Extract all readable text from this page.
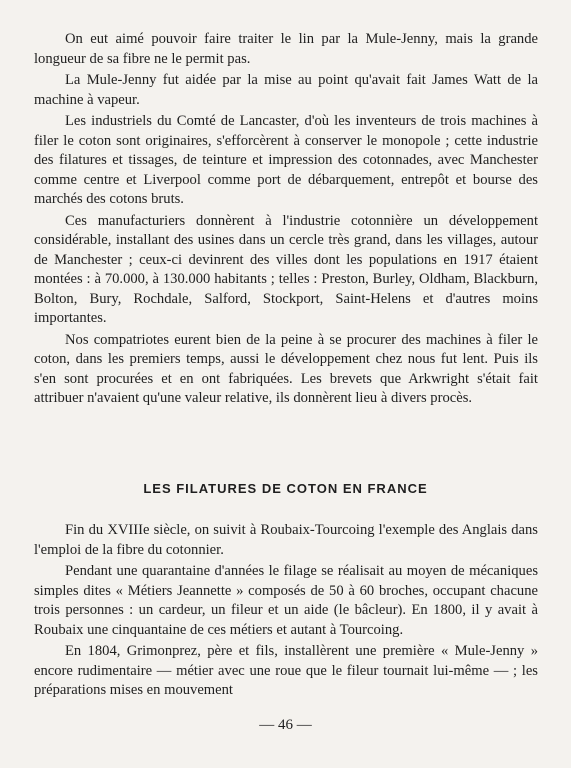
On eut aimé pouvoir faire traiter le lin par la Mule-Jenny, mais la grande longueur de sa fibre ne le permit pas.

La Mule-Jenny fut aidée par la mise au point qu'avait fait James Watt de la machine à vapeur.

Les industriels du Comté de Lancaster, d'où les inventeurs de trois machines à filer le coton sont originaires, s'efforcèrent à conserver le monopole ; cette industrie des filatures et tissages, de teinture et impression des cotonnades, avec Manchester comme centre et Liverpool comme port de débarquement, entrepôt et bourse des marchés des cotons bruts.

Ces manufacturiers donnèrent à l'industrie cotonnière un développement considérable, installant des usines dans un cercle très grand, dans les villages, autour de Manchester ; ceux-ci devinrent des villes dont les populations en 1917 étaient montées : à 70.000, à 130.000 habitants ; telles : Preston, Burley, Oldham, Blackburn, Bolton, Bury, Rochdale, Salford, Stockport, Saint-Helens et d'autres moins importantes.

Nos compatriotes eurent bien de la peine à se procurer des machines à filer le coton, dans les premiers temps, aussi le développement chez nous fut lent. Puis ils s'en sont procurées et en ont fabriquées. Les brevets que Arkwright s'était fait attribuer n'avaient qu'une valeur relative, ils donnèrent lieu à divers procès.

LES FILATURES DE COTON EN FRANCE

Fin du XVIIIe siècle, on suivit à Roubaix-Tourcoing l'exemple des Anglais dans l'emploi de la fibre du cotonnier.

Pendant une quarantaine d'années le filage se réalisait au moyen de mécaniques simples dites « Métiers Jeannette » composés de 50 à 60 broches, occupant chacune trois personnes : un cardeur, un fileur et un aide (le bâcleur). En 1800, il y avait à Roubaix une cinquantaine de ces métiers et autant à Tourcoing.

En 1804, Grimonprez, père et fils, installèrent une première « Mule-Jenny » encore rudimentaire — métier avec une roue que le fileur tournait lui-même — ; les préparations mises en mouvement

— 46 —
